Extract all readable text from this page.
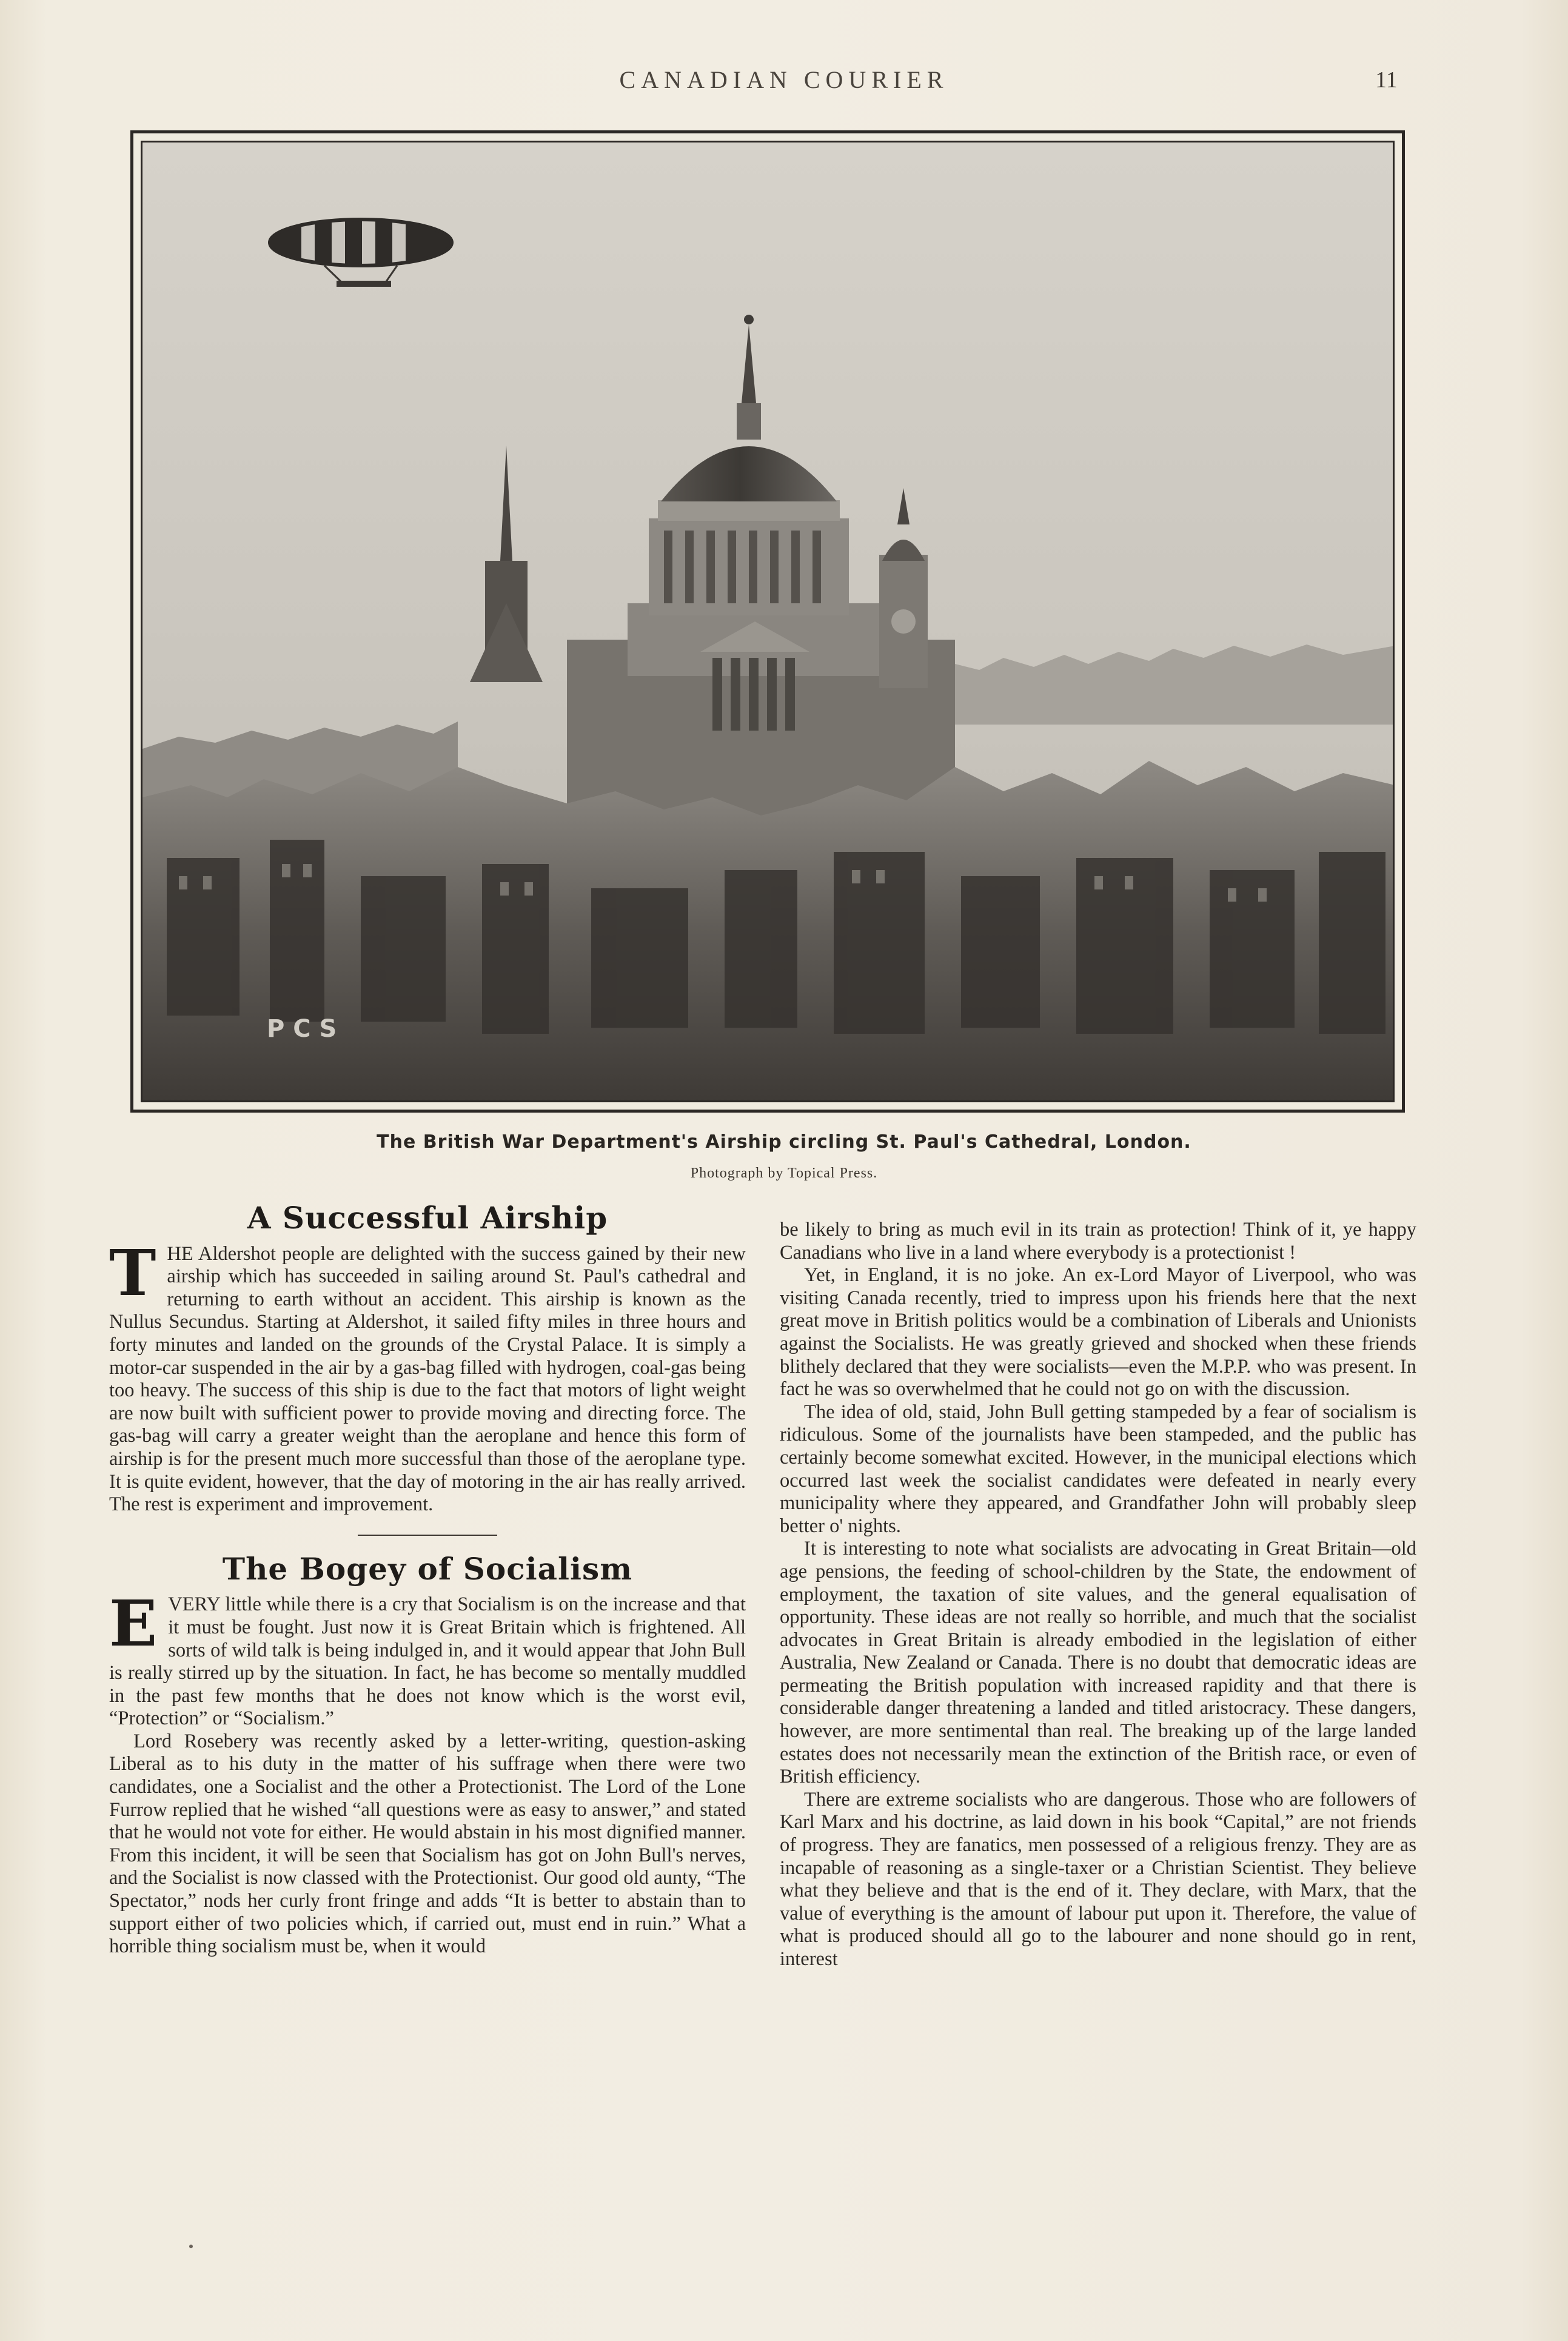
CANADIAN COURIER	11
P C S
The British War Department's Airship circling St. Paul's Cathedral, London.
Photograph by Topical Press.
A Successful Airship

THE Aldershot people are delighted with the success gained by their new airship which has succeeded in sailing around St. Paul's cathedral and returning to earth without an accident. This airship is known as the Nullus Secundus. Starting at Aldershot, it sailed fifty miles in three hours and forty minutes and landed on the grounds of the Crystal Palace. It is simply a motor-car suspended in the air by a gas-bag filled with hydrogen, coal-gas being too heavy. The success of this ship is due to the fact that motors of light weight are now built with sufficient power to provide moving and directing force. The gas-bag will carry a greater weight than the aeroplane and hence this form of airship is for the present much more successful than those of the aeroplane type. It is quite evident, however, that the day of motoring in the air has really arrived. The rest is experiment and improvement.

The Bogey of Socialism

EVERY little while there is a cry that Socialism is on the increase and that it must be fought. Just now it is Great Britain which is frightened. All sorts of wild talk is being indulged in, and it would appear that John Bull is really stirred up by the situation. In fact, he has become so mentally muddled in the past few months that he does not know which is the worst evil, “Protection” or “Socialism.”

Lord Rosebery was recently asked by a letter-writing, question-asking Liberal as to his duty in the matter of his suffrage when there were two candidates, one a Socialist and the other a Protectionist. The Lord of the Lone Furrow replied that he wished “all questions were as easy to answer,” and stated that he would not vote for either. He would abstain in his most dignified manner. From this incident, it will be seen that Socialism has got on John Bull's nerves, and the Socialist is now classed with the Protectionist. Our good old aunty, “The Spectator,” nods her curly front fringe and adds “It is better to abstain than to support either of two policies which, if carried out, must end in ruin.” What a horrible thing socialism must be, when it would

be likely to bring as much evil in its train as protection! Think of it, ye happy Canadians who live in a land where everybody is a protectionist !

Yet, in England, it is no joke. An ex-Lord Mayor of Liverpool, who was visiting Canada recently, tried to impress upon his friends here that the next great move in British politics would be a combination of Liberals and Unionists against the Socialists. He was greatly grieved and shocked when these friends blithely declared that they were socialists—even the M.P.P. who was present. In fact he was so overwhelmed that he could not go on with the discussion.

The idea of old, staid, John Bull getting stampeded by a fear of socialism is ridiculous. Some of the journalists have been stampeded, and the public has certainly become somewhat excited. However, in the municipal elections which occurred last week the socialist candidates were defeated in nearly every municipality where they appeared, and Grandfather John will probably sleep better o' nights.

It is interesting to note what socialists are advocating in Great Britain—old age pensions, the feeding of school-children by the State, the endowment of employment, the taxation of site values, and the general equalisation of opportunity. These ideas are not really so horrible, and much that the socialist advocates in Great Britain is already embodied in the legislation of either Australia, New Zealand or Canada. There is no doubt that democratic ideas are permeating the British population with increased rapidity and that there is considerable danger threatening a landed and titled aristocracy. These dangers, however, are more sentimental than real. The breaking up of the large landed estates does not necessarily mean the extinction of the British race, or even of British efficiency.

There are extreme socialists who are dangerous. Those who are followers of Karl Marx and his doctrine, as laid down in his book “Capital,” are not friends of progress. They are fanatics, men possessed of a religious frenzy. They are as incapable of reasoning as a single-taxer or a Christian Scientist. They believe what they believe and that is the end of it. They declare, with Marx, that the value of everything is the amount of labour put upon it. Therefore, the value of what is produced should all go to the labourer and none should go in rent, interest
